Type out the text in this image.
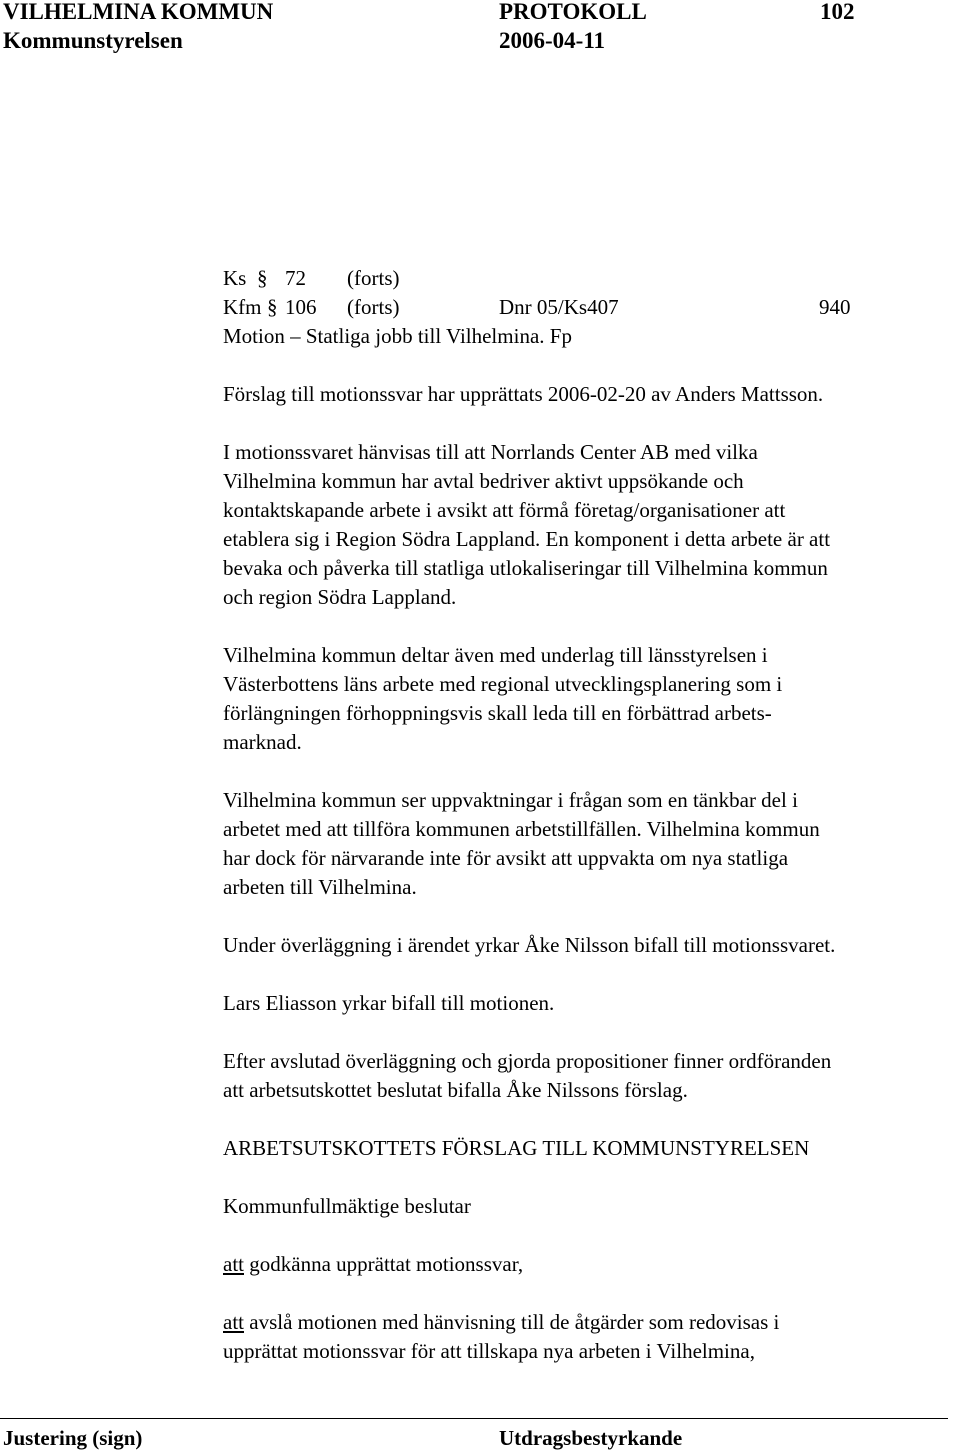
VILHELMINA KOMMUN	PROTOKOLL	102
Kommunstyrelsen	2006-04-11
Ks § 72 (forts)
Kfm § 106 (forts)	Dnr 05/Ks407	940

Motion – Statliga jobb till Vilhelmina. Fp

Förslag till motionssvar har upprättats 2006-02-20 av Anders Mattsson.

I motionssvaret hänvisas till att Norrlands Center AB med vilka

Vilhelmina kommun har avtal bedriver aktivt uppsökande och

kontaktskapande arbete i avsikt att förmå företag/organisationer att

etablera sig i Region Södra Lappland. En komponent i detta arbete är att

bevaka och påverka till statliga utlokaliseringar till Vilhelmina kommun

och region Södra Lappland.

Vilhelmina kommun deltar även med underlag till länsstyrelsen i

Västerbottens läns arbete med regional utvecklingsplanering som i

förlängningen förhoppningsvis skall leda till en förbättrad arbets-

marknad.

Vilhelmina kommun ser uppvaktningar i frågan som en tänkbar del i

arbetet med att tillföra kommunen arbetstillfällen. Vilhelmina kommun

har dock för närvarande inte för avsikt att uppvakta om nya statliga

arbeten till Vilhelmina.

Under överläggning i ärendet yrkar Åke Nilsson bifall till motionssvaret.

Lars Eliasson yrkar bifall till motionen.

Efter avslutad överläggning och gjorda propositioner finner ordföranden

att arbetsutskottet beslutat bifalla Åke Nilssons förslag.

ARBETSUTSKOTTETS FÖRSLAG TILL KOMMUNSTYRELSEN

Kommunfullmäktige beslutar

att godkänna upprättat motionssvar,

att avslå motionen med hänvisning till de åtgärder som redovisas i

upprättat motionssvar för att tillskapa nya arbeten i Vilhelmina,

Justering (sign)	Utdragsbestyrkande
